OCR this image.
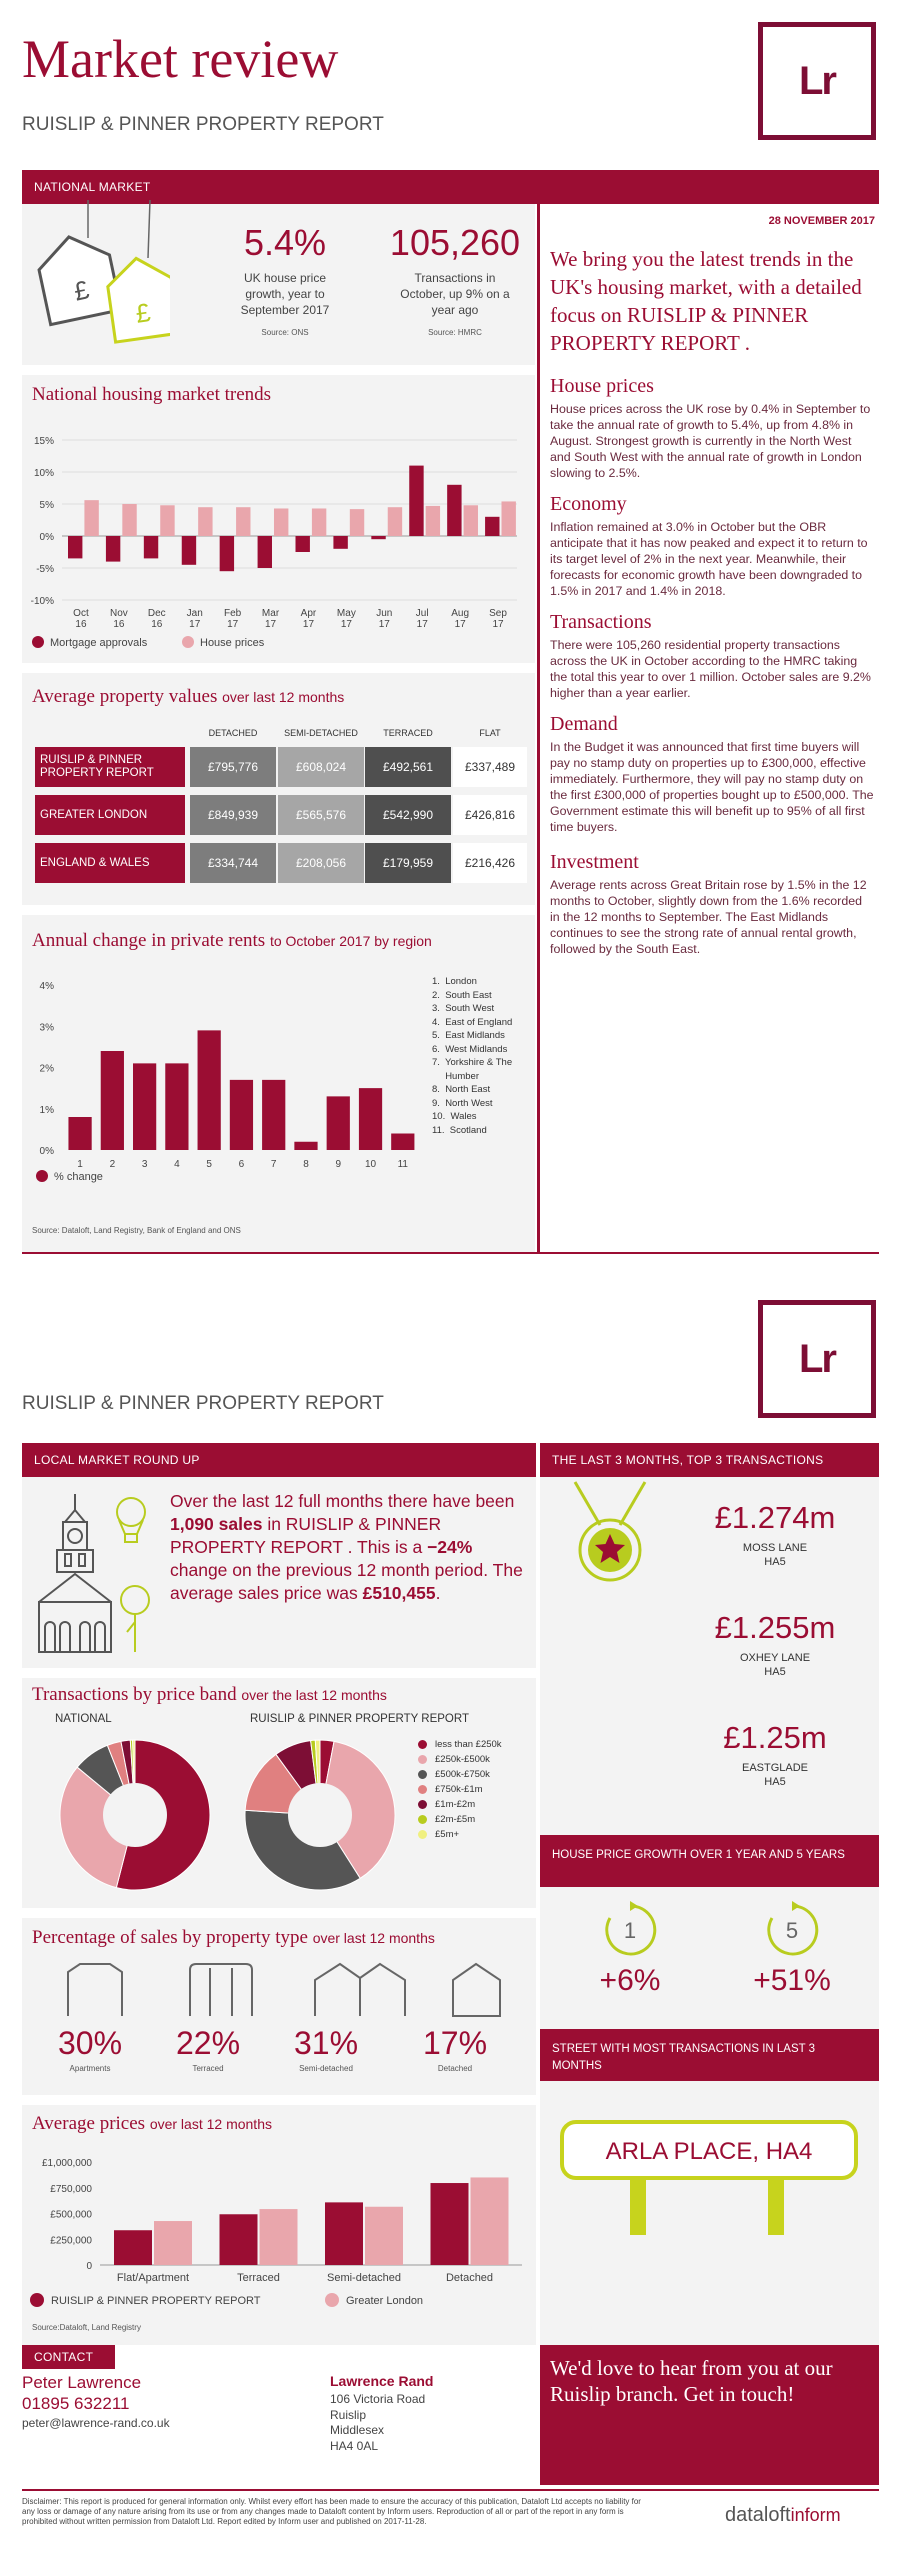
Market review
RUISLIP & PINNER PROPERTY REPORT
Lr
NATIONAL MARKET
£
£
5.4%
UK house price growth, year to September 2017
Source: ONS
105,260
Transactions in October, up 9% on a year ago
Source: HMRC
National housing market trends
15%
10%
5%
0%
-5%
-10%
Oct
16
Nov
16
Dec
16
Jan
17
Feb
17
Mar
17
Apr
17
May
17
Jun
17
Jul
17
Aug
17
Sep
17
Mortgage approvals	House prices
Average property values over last 12 months
DETACHED	SEMI-DETACHED	TERRACED	FLAT
RUISLIP & PINNER PROPERTY REPORT	£795,776	£608,024	£492,561	£337,489
GREATER LONDON	£849,939	£565,576	£542,990	£426,816
ENGLAND & WALES	£334,744	£208,056	£179,959	£216,426
Annual change in private rents to October 2017 by region
4%
3%
2%
1%
0%
1	2	3	4	5	6	7	8	9 10 11
% change
1.  London
2.  South East
3.  South West
4.  East of England
5.  East Midlands
6.  West Midlands
7.  Yorkshire & The
Humber
8.  North East
9.  North West
10.  Wales
11.  Scotland
Source: Dataloft, Land Registry, Bank of England and ONS
28 NOVEMBER 2017
We bring you the latest trends in the UK's housing market, with a detailed focus on RUISLIP & PINNER PROPERTY REPORT .
House prices
House prices across the UK rose by 0.4% in September to take the annual rate of growth to 5.4%, up from 4.8% in August. Strongest growth is currently in the North West and South West with the annual rate of growth in London slowing to 2.5%.
Economy
Inflation remained at 3.0% in October but the OBR anticipate that it has now peaked and expect it to return to its target level of 2% in the next year. Meanwhile, their forecasts for economic growth have been downgraded to 1.5% in 2017 and 1.4% in 2018.
Transactions
There were 105,260 residential property transactions across the UK in October according to the HMRC taking the total this year to over 1 million. October sales are 9.2% higher than a year earlier.
Demand
In the Budget it was announced that first time buyers will pay no stamp duty on properties up to £300,000, effective immediately. Furthermore, they will pay no stamp duty on the first £300,000 of properties bought up to £500,000. The Government estimate this will benefit up to 95% of all first time buyers.
Investment
Average rents across Great Britain rose by 1.5% in the 12 months to October, slightly down from the 1.6% recorded in the 12 months to September. The East Midlands continues to see the strong rate of annual rental growth, followed by the South East.
Lr
RUISLIP & PINNER PROPERTY REPORT
LOCAL MARKET ROUND UP	THE LAST 3 MONTHS, TOP 3 TRANSACTIONS
Over the last 12 full months there have been 1,090 sales in RUISLIP & PINNER PROPERTY REPORT . This is a −24% change on the previous 12 month period. The average sales price was £510,455.
Transactions by price band over the last 12 months
NATIONAL	RUISLIP & PINNER PROPERTY REPORT
less than £250k
£250k-£500k
£500k-£750k
£750k-£1m
£1m-£2m
£2m-£5m
£5m+
Percentage of sales by property type over last 12 months
30%
Apartments
22%
Terraced
31%
Semi-detached
17%
Detached
Average prices over last 12 months
£1,000,000
£750,000
£500,000
£250,000
0
Flat/Apartment	Terraced	Semi-detached	Detached
RUISLIP & PINNER PROPERTY REPORT	Greater London
Source:Dataloft, Land Registry
£1.274m
MOSS LANE
HA5
£1.255m
OXHEY LANE
HA5
£1.25m
EASTGLADE
HA5
HOUSE PRICE GROWTH OVER 1 YEAR AND 5 YEARS
1
+6%
5
+51%
STREET WITH MOST TRANSACTIONS IN LAST 3 MONTHS
ARLA PLACE, HA4
CONTACT
Peter Lawrence
01895 632211
peter@lawrence-rand.co.uk
Lawrence Rand
106 Victoria Road
Ruislip
Middlesex
HA4 0AL
We'd love to hear from you at our Ruislip branch. Get in touch!
Disclaimer: This report is produced for general information only. Whilst every effort has been made to ensure the accuracy of this publication, Dataloft Ltd accepts no liability for any loss or damage of any nature arising from its use or from any changes made to Dataloft content by Inform users. Reproduction of all or part of the report in any form is prohibited without written permission from Dataloft Ltd. Report edited by Inform user and published on 2017-11-28.	dataloftinform
